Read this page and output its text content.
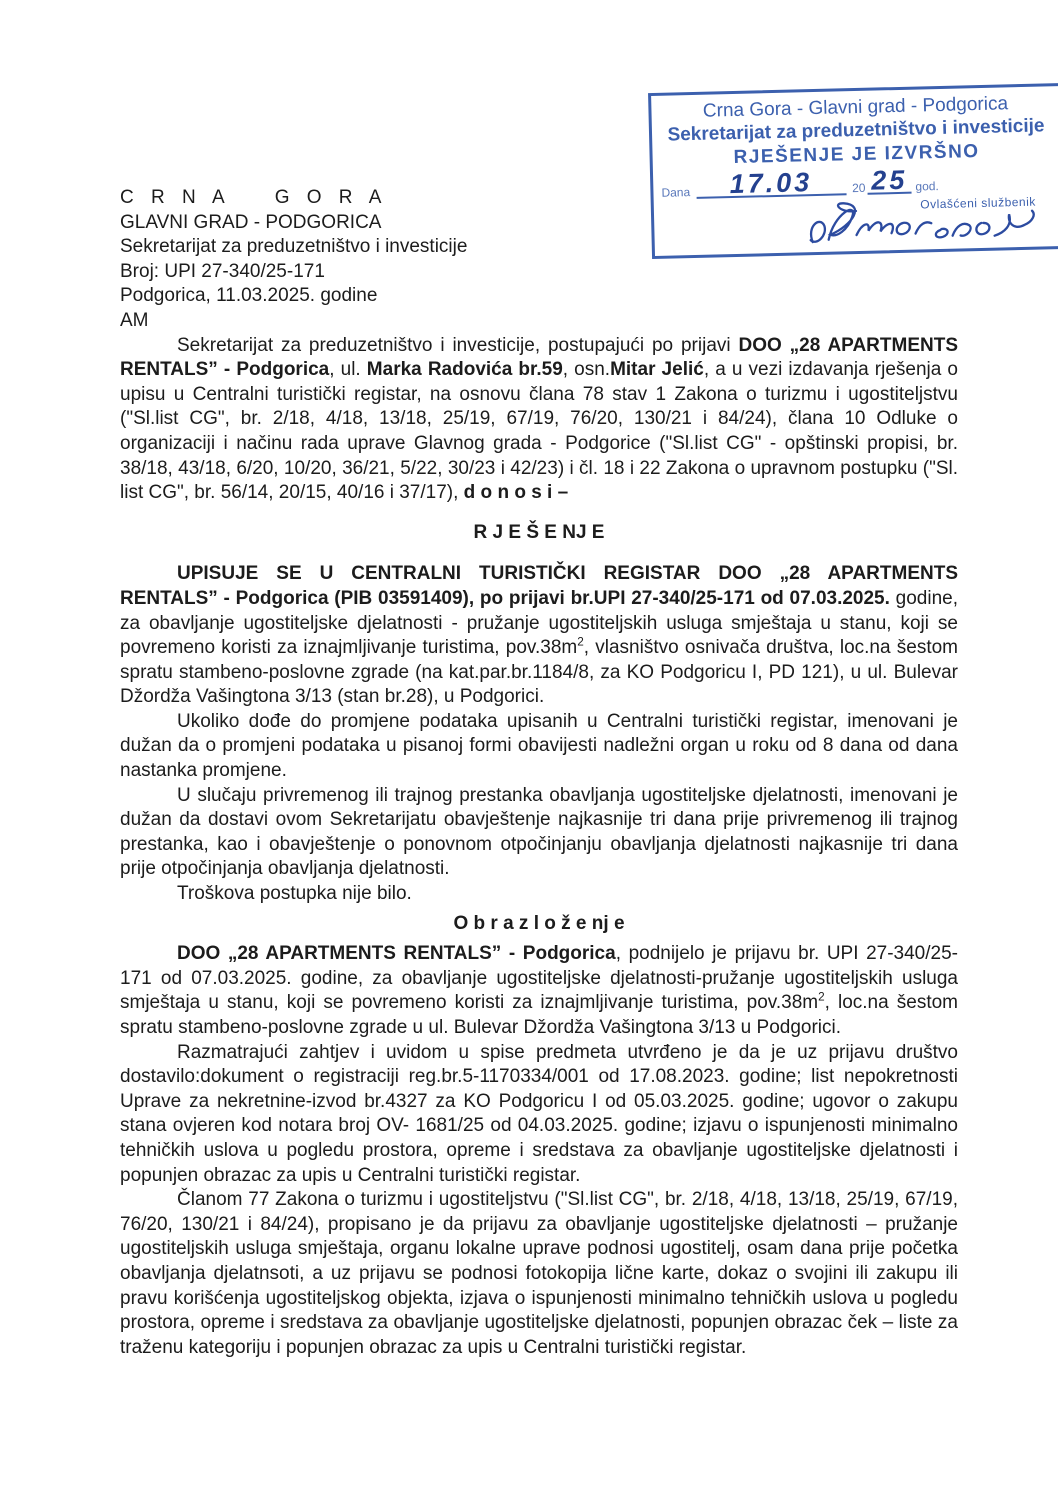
Crna Gora - Glavni grad - Podgorica
Sekretarijat za preduzetništvo i investicije
RJEŠENJE JE IZVRŠNO
Dana	17.03	20 25 god.
Ovlašćeni službenik
C R N A    G O R A
GLAVNI GRAD - PODGORICA
Sekretarijat za preduzetništvo i investicije
Broj: UPI 27-340/25-171
Podgorica, 11.03.2025. godine
AM

Sekretarijat za preduzetništvo i investicije, postupajući po prijavi DOO „28 APARTMENTS RENTALS” - Podgorica, ul. Marka Radovića br.59, osn.Mitar Jelić, a u vezi izdavanja rješenja o upisu u Centralni turistički registar, na osnovu člana 78 stav 1 Zakona o turizmu i ugostiteljstvu ("Sl.list CG", br. 2/18, 4/18, 13/18, 25/19, 67/19, 76/20, 130/21 i 84/24), člana 10 Odluke o organizaciji i načinu rada uprave Glavnog grada - Podgorice ("Sl.list CG" - opštinski propisi, br. 38/18, 43/18, 6/20, 10/20, 36/21, 5/22, 30/23 i 42/23) i čl. 18 i 22 Zakona o upravnom postupku ("Sl. list CG", br. 56/14, 20/15, 40/16 i 37/17), d o n o s i –

R J E Š E NJ E

UPISUJE SE U CENTRALNI TURISTIČKI REGISTAR DOO „28 APARTMENTS RENTALS” - Podgorica (PIB 03591409), po prijavi br.UPI 27-340/25-171 od 07.03.2025. godine, za obavljanje ugostiteljske djelatnosti - pružanje ugostiteljskih usluga smještaja u stanu, koji se povremeno koristi za iznajmljivanje turistima, $pov.38m^2$, vlasništvo osnivača društva, loc.na šestom spratu stambeno-poslovne zgrade (na kat.par.br.1184/8, za KO Podgoricu I, PD 121), u ul. Bulevar Džordža Vašingtona 3/13 (stan br.28), u Podgorici.

Ukoliko dođe do promjene podataka upisanih u Centralni turistički registar, imenovani je dužan da o promjeni podataka u pisanoj formi obavijesti nadležni organ u roku od 8 dana od dana nastanka promjene.

U slučaju privremenog ili trajnog prestanka obavljanja ugostiteljske djelatnosti, imenovani je dužan da dostavi ovom Sekretarijatu obavještenje najkasnije tri dana prije privremenog ili trajnog prestanka, kao i obavještenje o ponovnom otpočinjanju obavljanja djelatnosti najkasnije tri dana prije otpočinjanja obavljanja djelatnosti.

Troškova postupka nije bilo.

O b r a z l o ž e nj e

DOO „28 APARTMENTS RENTALS” - Podgorica, podnijelo je prijavu br. UPI 27-340/25-171 od 07.03.2025. godine, za obavljanje ugostiteljske djelatnosti-pružanje ugostiteljskih usluga smještaja u stanu, koji se povremeno koristi za iznajmljivanje turistima, $pov.38m^2$, loc.na šestom spratu stambeno-poslovne zgrade u ul. Bulevar Džordža Vašingtona 3/13 u Podgorici.

Razmatrajući zahtjev i uvidom u spise predmeta utvrđeno je da je uz prijavu društvo dostavilo:dokument o registraciji reg.br.5-1170334/001 od 17.08.2023. godine; list nepokretnosti Uprave za nekretnine-izvod br.4327 za KO Podgoricu I od 05.03.2025. godine; ugovor o zakupu stana ovjeren kod notara broj OV- 1681/25 od 04.03.2025. godine; izjavu o ispunjenosti minimalno tehničkih uslova u pogledu prostora, opreme i sredstava za obavljanje ugostiteljske djelatnosti i popunjen obrazac za upis u Centralni turistički registar.

Članom 77 Zakona o turizmu i ugostiteljstvu ("Sl.list CG", br. 2/18, 4/18, 13/18, 25/19, 67/19, 76/20, 130/21 i 84/24), propisano je da prijavu za obavljanje ugostiteljske djelatnosti – pružanje ugostiteljskih usluga smještaja, organu lokalne uprave podnosi ugostitelj, osam dana prije početka obavljanja djelatnsoti, a uz prijavu se podnosi fotokopija lične karte, dokaz o svojini ili zakupu ili pravu korišćenja ugostiteljskog objekta, izjava o ispunjenosti minimalno tehničkih uslova u pogledu prostora, opreme i sredstava za obavljanje ugostiteljske djelatnosti, popunjen obrazac ček – liste za traženu kategoriju i popunjen obrazac za upis u Centralni turistički registar.
